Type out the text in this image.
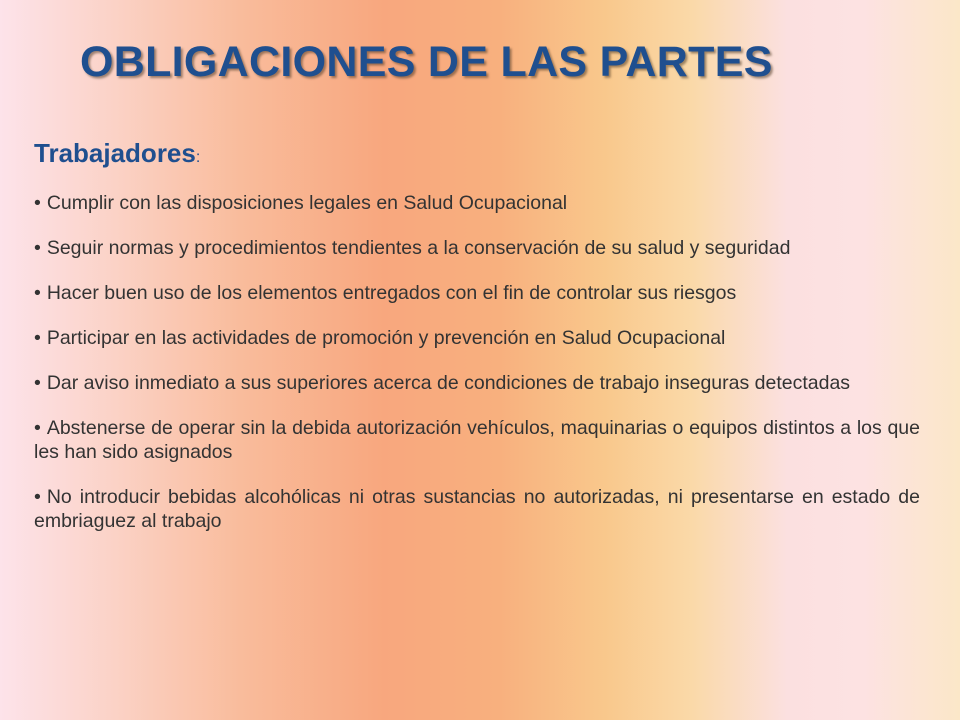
OBLIGACIONES DE LAS PARTES
Trabajadores:
• Cumplir con las disposiciones legales en Salud Ocupacional
• Seguir normas y procedimientos tendientes a la conservación de su salud y seguridad
• Hacer buen uso de los elementos entregados con el fin de controlar sus riesgos
• Participar en las actividades de promoción y prevención en Salud Ocupacional
• Dar aviso inmediato a sus superiores acerca de condiciones de trabajo inseguras detectadas
• Abstenerse de operar sin la debida autorización vehículos, maquinarias o equipos distintos a los que les han sido asignados
• No introducir bebidas alcohólicas ni otras sustancias no autorizadas, ni presentarse en estado de embriaguez al trabajo
